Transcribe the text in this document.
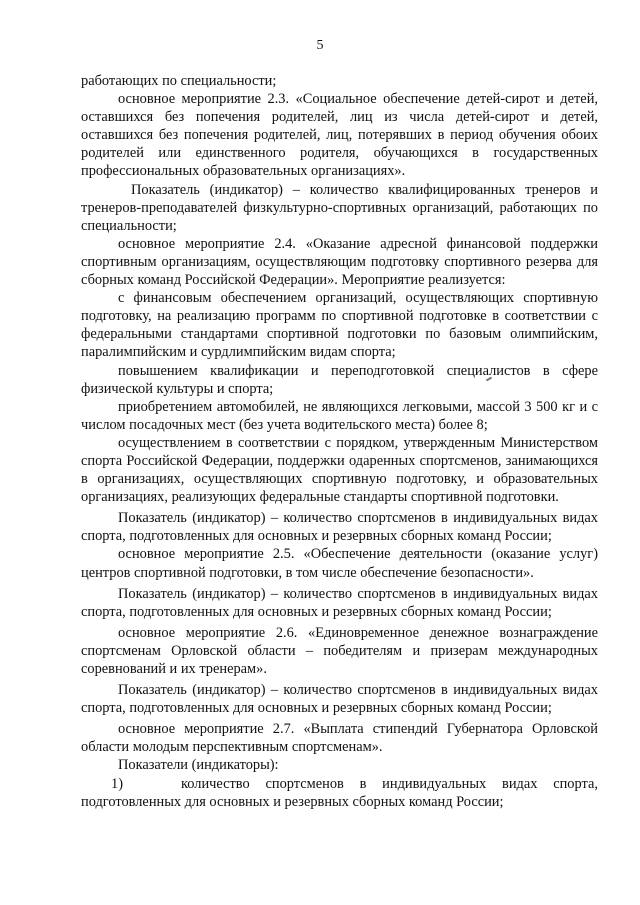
5

работающих по специальности;

основное мероприятие 2.3. «Социальное обеспечение детей-сирот и детей, оставшихся без попечения родителей, лиц из числа детей-сирот и детей, оставшихся без попечения родителей, лиц, потерявших в период обучения обоих родителей или единственного родителя, обучающихся в государственных профессиональных образовательных организациях».

Показатель (индикатор) – количество квалифицированных тренеров и тренеров-преподавателей физкультурно-спортивных организаций, работающих по специальности;

основное мероприятие 2.4. «Оказание адресной финансовой поддержки спортивным организациям, осуществляющим подготовку спортивного резерва для сборных команд Российской Федерации». Мероприятие реализуется:

с финансовым обеспечением организаций, осуществляющих спортивную подготовку, на реализацию программ по спортивной подготовке в соответствии с федеральными стандартами спортивной подготовки по базовым олимпийским, паралимпийским и сурдлимпийским видам спорта;

повышением квалификации и переподготовкой специалистов в сфере физической культуры и спорта;

приобретением автомобилей, не являющихся легковыми, массой 3 500 кг и с числом посадочных мест (без учета водительского места) более 8;

осуществлением в соответствии с порядком, утвержденным Министерством спорта Российской Федерации, поддержки одаренных спортсменов, занимающихся в организациях, осуществляющих спортивную подготовку, и образовательных организациях, реализующих федеральные стандарты спортивной подготовки.

Показатель (индикатор) – количество спортсменов в индивидуальных видах спорта, подготовленных для основных и резервных сборных команд России;

основное мероприятие 2.5. «Обеспечение деятельности (оказание услуг) центров спортивной подготовки, в том числе обеспечение безопасности».

Показатель (индикатор) – количество спортсменов в индивидуальных видах спорта, подготовленных для основных и резервных сборных команд России;

основное мероприятие 2.6. «Единовременное денежное вознаграждение спортсменам Орловской области – победителям и призерам международных соревнований и их тренерам».

Показатель (индикатор) – количество спортсменов в индивидуальных видах спорта, подготовленных для основных и резервных сборных команд России;

основное мероприятие 2.7. «Выплата стипендий Губернатора Орловской области молодым перспективным спортсменам».

Показатели (индикаторы):

1)	количество спортсменов в индивидуальных видах спорта,

подготовленных для основных и резервных сборных команд России;
